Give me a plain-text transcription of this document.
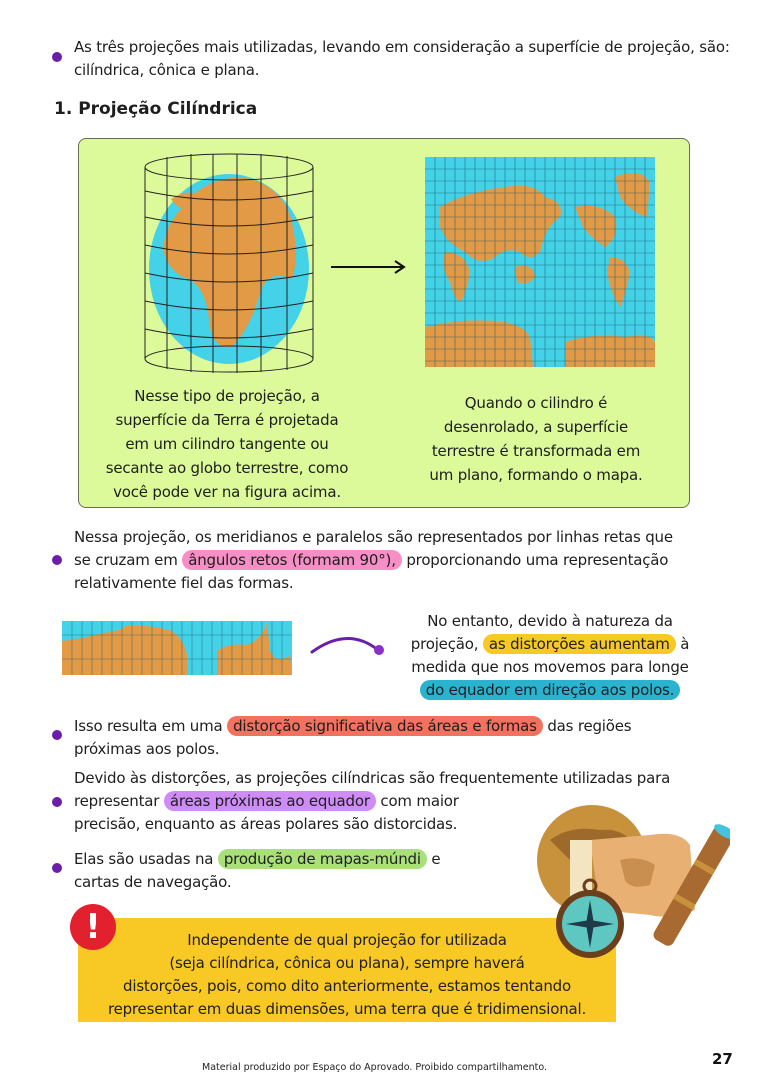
As três projeções mais utilizadas, levando em consideração a superfície de projeção, são: cilíndrica, cônica e plana.
1. Projeção Cilíndrica
Nesse tipo de projeção, a
superfície da Terra é projetada
em um cilindro tangente ou
secante ao globo terrestre, como
você pode ver na figura acima.
Quando o cilindro é
desenrolado, a superfície
terrestre é transformada em
um plano, formando o mapa.
Nessa projeção, os meridianos e paralelos são representados por linhas retas que
se cruzam em ângulos retos (formam 90°), proporcionando uma representação
relativamente fiel das formas.
No entanto, devido à natureza da
projeção, as distorções aumentam à
medida que nos movemos para longe
do equador em direção aos polos.
Isso resulta em uma distorção significativa das áreas e formas das regiões
próximas aos polos.
Devido às distorções, as projeções cilíndricas são frequentemente utilizadas para
representar áreas próximas ao equador com maior
precisão, enquanto as áreas polares são distorcidas.
Elas são usadas na produção de mapas-múndi e
cartas de navegação.
Independente de qual projeção for utilizada
(seja cilíndrica, cônica ou plana), sempre haverá
distorções, pois, como dito anteriormente, estamos tentando
representar em duas dimensões, uma terra que é tridimensional.
!
Material produzido por Espaço do Aprovado. Proibido compartilhamento.	27
